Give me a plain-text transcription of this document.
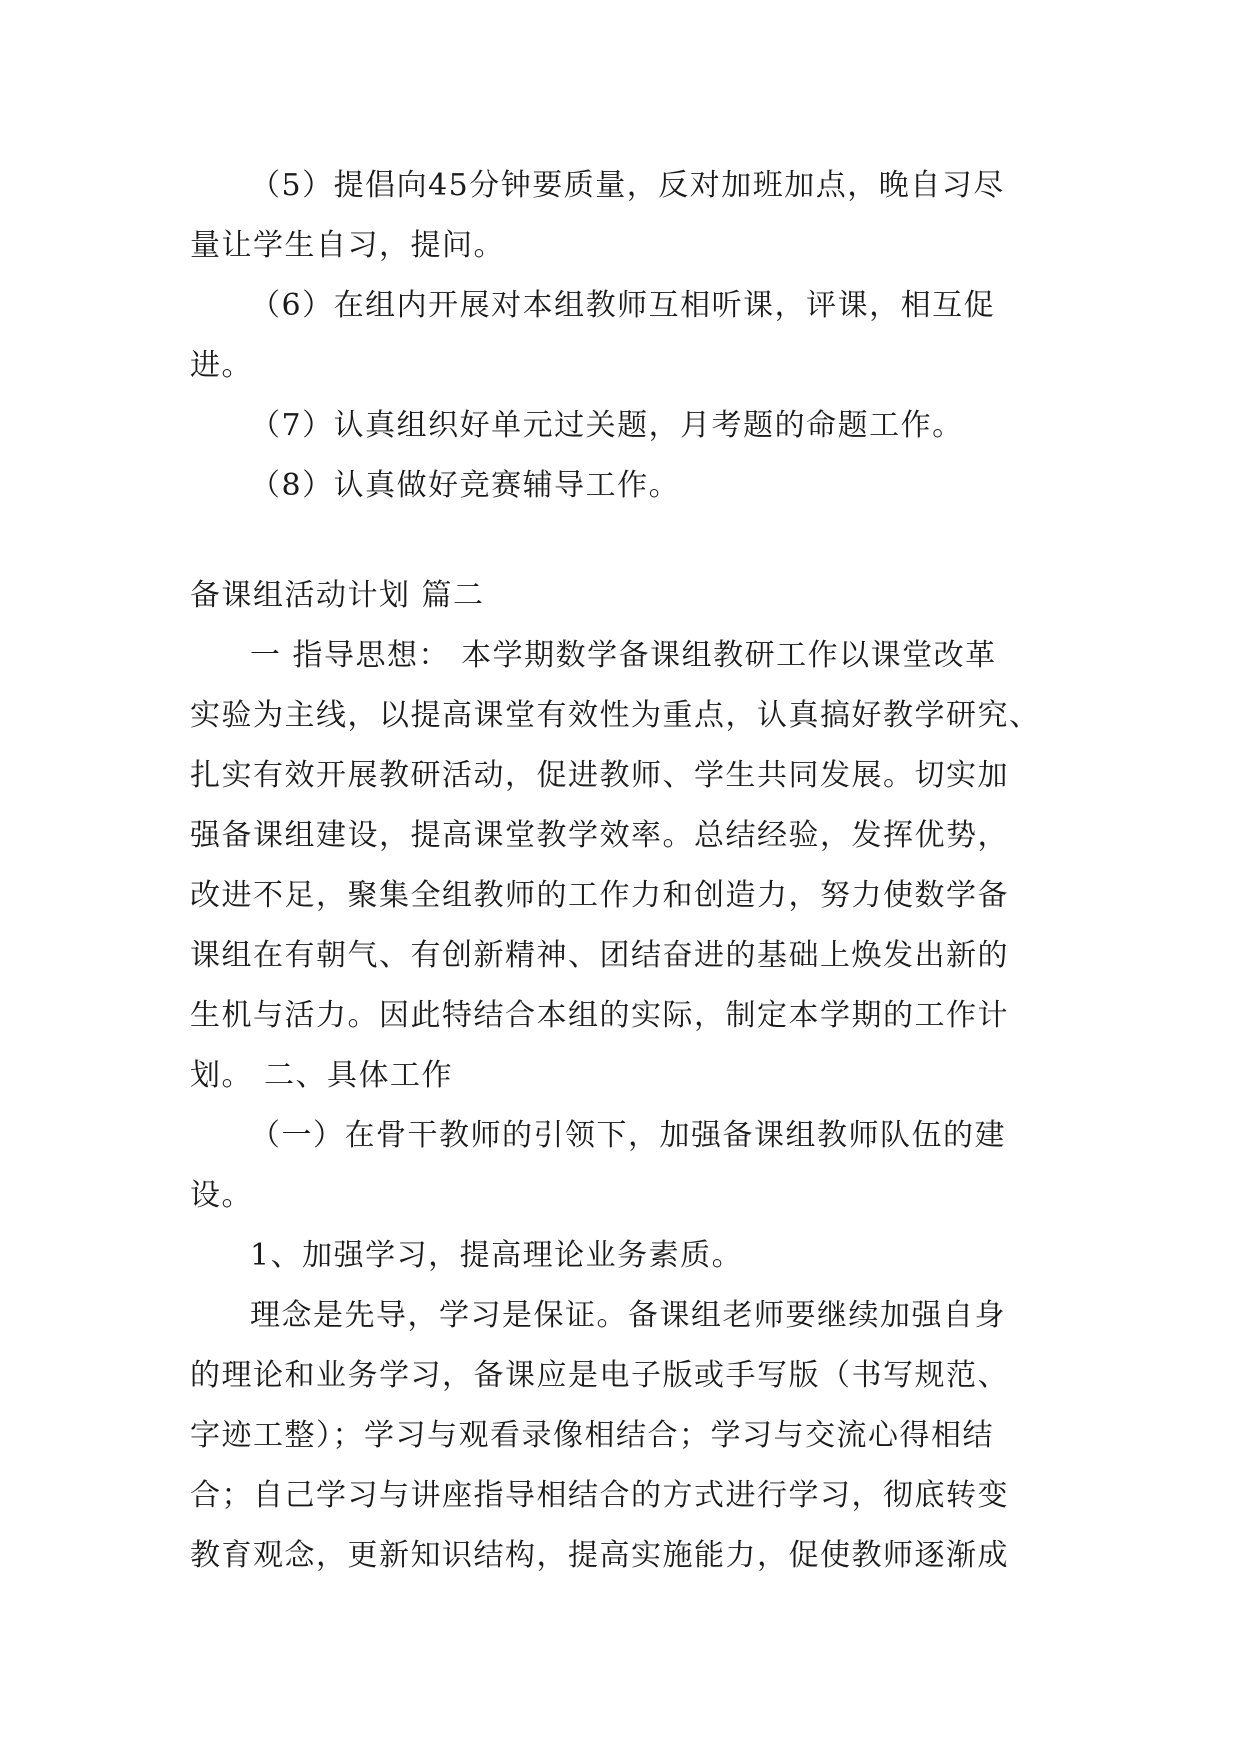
（5）提倡向45分钟要质量，反对加班加点，晚自习尽
量让学生自习，提问。
（6）在组内开展对本组教师互相听课，评课，相互促
进。
（7）认真组织好单元过关题，月考题的命题工作。
（8）认真做好竞赛辅导工作。
备课组活动计划 篇二
一 指导思想： 本学期数学备课组教研工作以课堂改革
实验为主线，以提高课堂有效性为重点，认真搞好教学研究、
扎实有效开展教研活动，促进教师、学生共同发展。切实加
强备课组建设，提高课堂教学效率。总结经验，发挥优势，
改进不足，聚集全组教师的工作力和创造力，努力使数学备
课组在有朝气、有创新精神、团结奋进的基础上焕发出新的
生机与活力。因此特结合本组的实际，制定本学期的工作计
划。 二、具体工作
（一）在骨干教师的引领下，加强备课组教师队伍的建
设。
1、加强学习，提高理论业务素质。
理念是先导，学习是保证。备课组老师要继续加强自身
的理论和业务学习，备课应是电子版或手写版（书写规范、
字迹工整）；学习与观看录像相结合；学习与交流心得相结
合；自己学习与讲座指导相结合的方式进行学习，彻底转变
教育观念，更新知识结构，提高实施能力，促使教师逐渐成
